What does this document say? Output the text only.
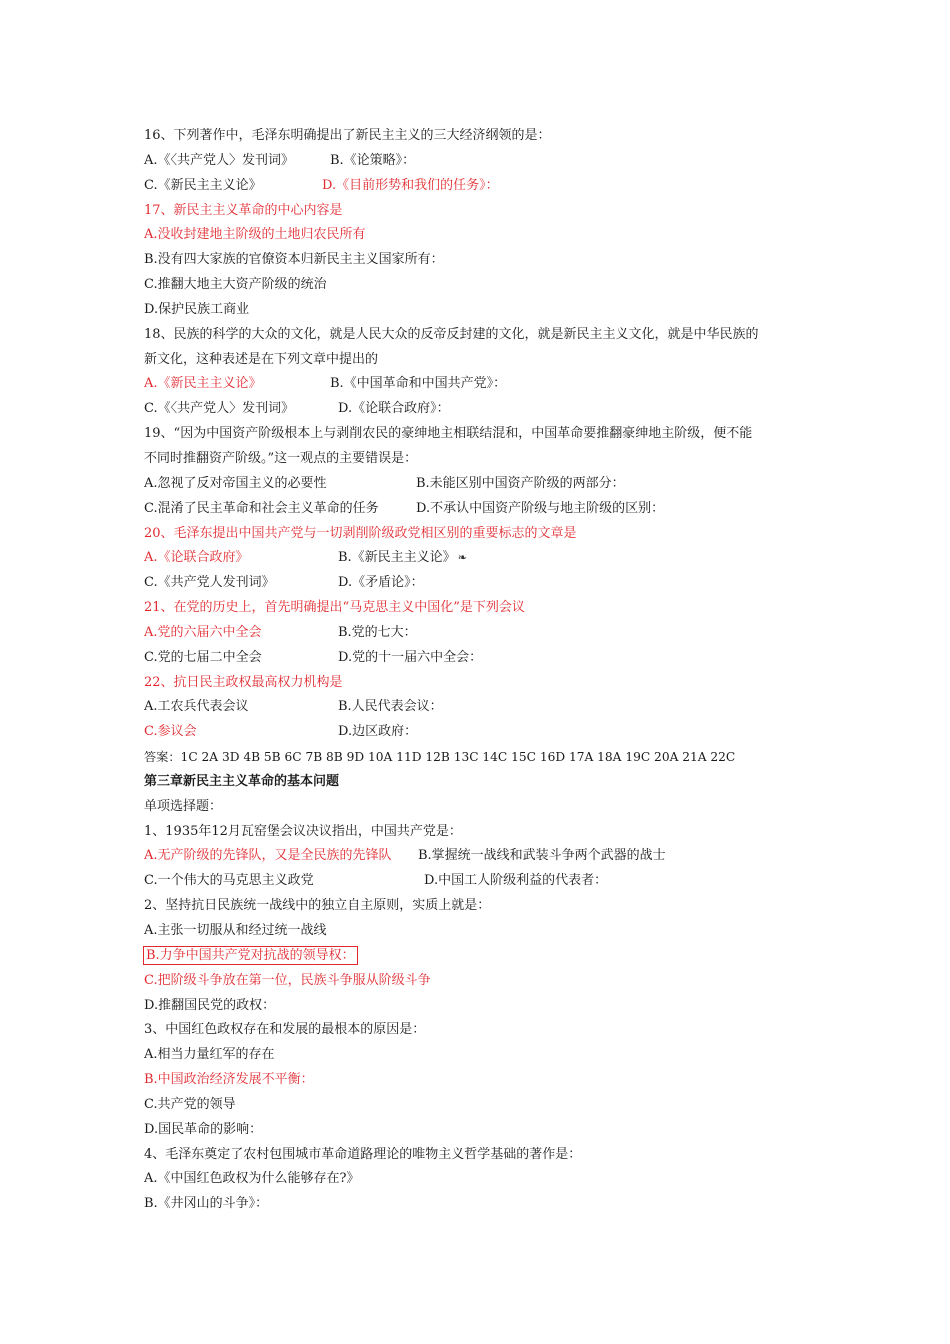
16、下列著作中，毛泽东明确提出了新民主主义的三大经济纲领的是：
A.《〈共产党人〉发刊词》	B.《论策略》：
C.《新民主主义论》	D.《目前形势和我们的任务》：
17、新民主主义革命的中心内容是
A.没收封建地主阶级的土地归农民所有
B.没有四大家族的官僚资本归新民主主义国家所有：
C.推翻大地主大资产阶级的统治
D.保护民族工商业
18、民族的科学的大众的文化，就是人民大众的反帝反封建的文化，就是新民主主义文化，就是中华民族的
新文化，这种表述是在下列文章中提出的
A.《新民主主义论》	B.《中国革命和中国共产党》：
C.《〈共产党人〉发刊词》	D.《论联合政府》：
19、“因为中国资产阶级根本上与剥削农民的豪绅地主相联结混和，中国革命要推翻豪绅地主阶级，便不能
不同时推翻资产阶级。”这一观点的主要错误是：
A.忽视了反对帝国主义的必要性	B.未能区别中国资产阶级的两部分：
C.混淆了民主革命和社会主义革命的任务	D.不承认中国资产阶级与地主阶级的区别：
20、毛泽东提出中国共产党与一切剥削阶级政党相区别的重要标志的文章是
A.《论联合政府》	B.《新民主主义论》 ❧
C.《共产党人发刊词》	D.《矛盾论》：
21、在党的历史上，首先明确提出“马克思主义中国化”是下列会议
A.党的六届六中全会	B.党的七大：
C.党的七届二中全会	D.党的十一届六中全会：
22、抗日民主政权最高权力机构是
A.工农兵代表会议	B.人民代表会议：
C.参议会	D.边区政府：
答案：1C 2A 3D 4B 5B 6C 7B 8B 9D 10A 11D 12B 13C 14C 15C 16D 17A 18A 19C 20A 21A 22C
第三章新民主主义革命的基本问题
单项选择题：
1、1935年12月瓦窑堡会议决议指出，中国共产党是：
A.无产阶级的先锋队，又是全民族的先锋队 B.掌握统一战线和武装斗争两个武器的战士
C.一个伟大的马克思主义政党	D.中国工人阶级利益的代表者：
2、坚持抗日民族统一战线中的独立自主原则，实质上就是：
A.主张一切服从和经过统一战线
B.力争中国共产党对抗战的领导权：
C.把阶级斗争放在第一位，民族斗争服从阶级斗争
D.推翻国民党的政权：
3、中国红色政权存在和发展的最根本的原因是：
A.相当力量红军的存在
B.中国政治经济发展不平衡：
C.共产党的领导
D.国民革命的影响：
4、毛泽东奠定了农村包围城市革命道路理论的唯物主义哲学基础的著作是：
A.《中国红色政权为什么能够存在?》
B.《井冈山的斗争》：
